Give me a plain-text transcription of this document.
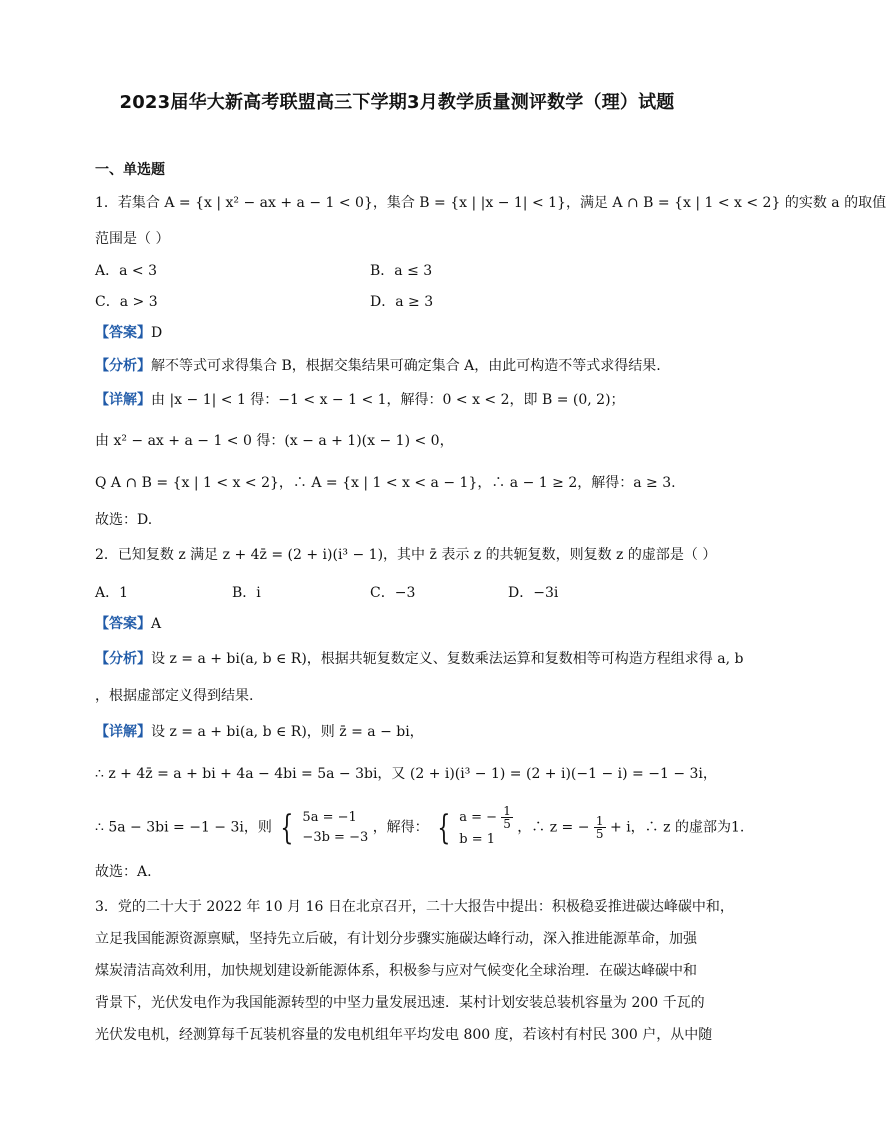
2023届华大新高考联盟高三下学期3月教学质量测评数学（理）试题
一、单选题
1．若集合 A = {x | x² − ax + a − 1 < 0}，集合 B = {x | |x − 1| < 1}，满足 A ∩ B = {x | 1 < x < 2} 的实数 a 的取值
范围是（ ）
A．a < 3	B．a ≤ 3
C．a > 3	D．a ≥ 3
【答案】D
【分析】解不等式可求得集合 B，根据交集结果可确定集合 A，由此可构造不等式求得结果.
【详解】由 |x − 1| < 1 得：−1 < x − 1 < 1，解得：0 < x < 2，即 B = (0, 2)；
由 x² − ax + a − 1 < 0 得：(x − a + 1)(x − 1) < 0，
Q A ∩ B = {x | 1 < x < 2}，∴ A = {x | 1 < x < a − 1}，∴ a − 1 ≥ 2，解得：a ≥ 3.
故选：D.
2．已知复数 z 满足 z + 4z̄ = (2 + i)(i³ − 1)，其中 z̄ 表示 z 的共轭复数，则复数 z 的虚部是（ ）
A．1	B．i	C．−3	D．−3i
【答案】A
【分析】设 z = a + bi(a, b ∈ R)，根据共轭复数定义、复数乘法运算和复数相等可构造方程组求得 a, b
，根据虚部定义得到结果.
【详解】设 z = a + bi(a, b ∈ R)，则 z̄ = a − bi，
∴ z + 4z̄ = a + bi + 4a − 4bi = 5a − 3bi，又 (2 + i)(i³ − 1) = (2 + i)(−1 − i) = −1 − 3i，
∴ 5a − 3bi = −1 − 3i，则 { 5a = −1
−3b = −3
，解得： { a = − $\frac{1}{5}$
b = 1
，∴ z = − $\frac{1}{5} + i$，∴ z 的虚部为1.
故选：A.
3．党的二十大于 2022 年 10 月 16 日在北京召开，二十大报告中提出：积极稳妥推进碳达峰碳中和，
立足我国能源资源禀赋，坚持先立后破，有计划分步骤实施碳达峰行动，深入推进能源革命，加强
煤炭清洁高效利用，加快规划建设新能源体系，积极参与应对气候变化全球治理．在碳达峰碳中和
背景下，光伏发电作为我国能源转型的中坚力量发展迅速．某村计划安装总装机容量为 200 千瓦的
光伏发电机，经测算每千瓦装机容量的发电机组年平均发电 800 度，若该村有村民 300 户，从中随
